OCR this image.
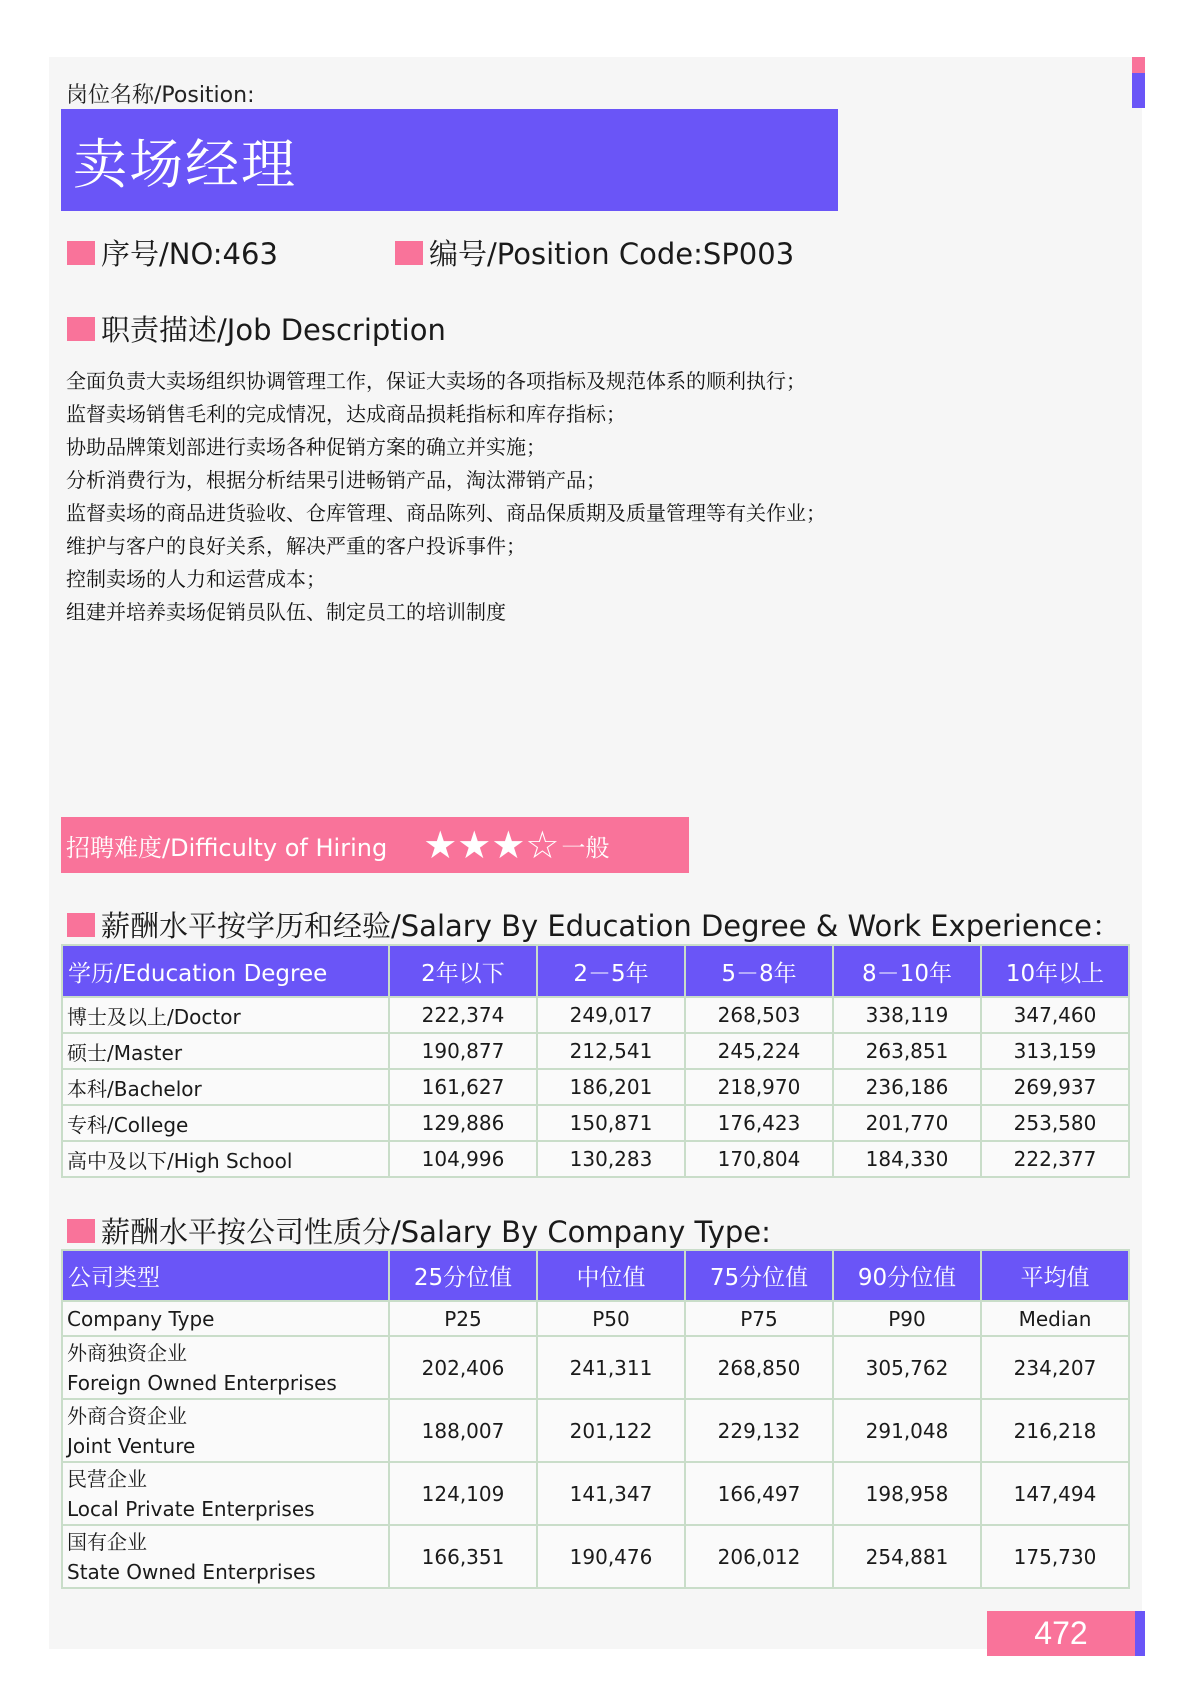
岗位名称/Position:
卖场经理
序号/NO:463	编号/Position Code:SP003
职责描述/Job Description
全面负责大卖场组织协调管理工作，保证大卖场的各项指标及规范体系的顺利执行；
监督卖场销售毛利的完成情况，达成商品损耗指标和库存指标；
协助品牌策划部进行卖场各种促销方案的确立并实施；
分析消费行为，根据分析结果引进畅销产品，淘汰滞销产品；
监督卖场的商品进货验收、仓库管理、商品陈列、商品保质期及质量管理等有关作业；
维护与客户的良好关系，解决严重的客户投诉事件；
控制卖场的人力和运营成本；
组建并培养卖场促销员队伍、制定员工的培训制度
招聘难度/Difficulty of Hiring ★★★☆ 一般
薪酬水平按学历和经验/Salary By Education Degree & Work Experience：
学历/Education Degree	2年以下	2－5年	5－8年	8－10年	10年以上
博士及以上/Doctor	222,374	249,017	268,503	338,119	347,460
硕士/Master	190,877	212,541	245,224	263,851	313,159
本科/Bachelor	161,627	186,201	218,970	236,186	269,937
专科/College	129,886	150,871	176,423	201,770	253,580
高中及以下/High School	104,996	130,283	170,804	184,330	222,377
薪酬水平按公司性质分/Salary By Company Type:
公司类型	25分位值	中位值	75分位值	90分位值	平均值
Company Type	P25	P50	P75	P90	Median

外商独资企业
Foreign Owned Enterprises	202,406	241,311	268,850	305,762	234,207

外商合资企业
Joint Venture	188,007	201,122	229,132	291,048	216,218

民营企业
Local Private Enterprises	124,109	141,347	166,497	198,958	147,494

国有企业
State Owned Enterprises	166,351	190,476	206,012	254,881	175,730
472
